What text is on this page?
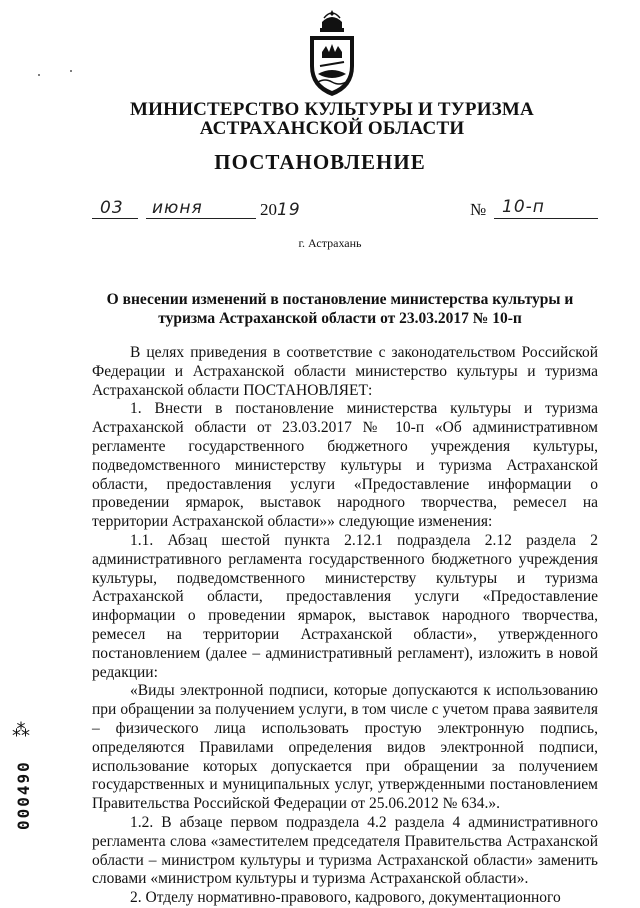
МИНИСТЕРСТВО КУЛЬТУРЫ И ТУРИЗМА
АСТРАХАНСКОЙ ОБЛАСТИ
ПОСТАНОВЛЕНИЕ
03 июня	2019	№ 10-п
г. Астрахань
О внесении изменений в постановление министерства культуры и туризма Астраханской области от 23.03.2017 № 10-п

В целях приведения в соответствие с законодательством Российской Федерации и Астраханской области министерство культуры и туризма Астраханской области ПОСТАНОВЛЯЕТ:

1. Внести в постановление министерства культуры и туризма Астраханской области от 23.03.2017 № 10-п «Об административном регламенте государственного бюджетного учреждения культуры, подведомственного министерству культуры и туризма Астраханской области, предоставления услуги «Предоставление информации о проведении ярмарок, выставок народного творчества, ремесел на территории Астраханской области»» следующие изменения:

1.1. Абзац шестой пункта 2.12.1 подраздела 2.12 раздела 2 административного регламента государственного бюджетного учреждения культуры, подведомственного министерству культуры и туризма Астраханской области, предоставления услуги «Предоставление информации о проведении ярмарок, выставок народного творчества, ремесел на территории Астраханской области», утвержденного постановлением (далее – административный регламент), изложить в новой редакции:

«Виды электронной подписи, которые допускаются к использованию при обращении за получением услуги, в том числе с учетом права заявителя – физического лица использовать простую электронную подпись, определяются Правилами определения видов электронной подписи, использование которых допускается при обращении за получением государственных и муниципальных услуг, утвержденными постановлением Правительства Российской Федерации от 25.06.2012 № 634.».

1.2. В абзаце первом подраздела 4.2 раздела 4 административного регламента слова «заместителем председателя Правительства Астраханской области – министром культуры и туризма Астраханской области» заменить словами «министром культуры и туризма Астраханской области».

2. Отделу нормативно-правового, кадрового, документационного

⁂
000490
